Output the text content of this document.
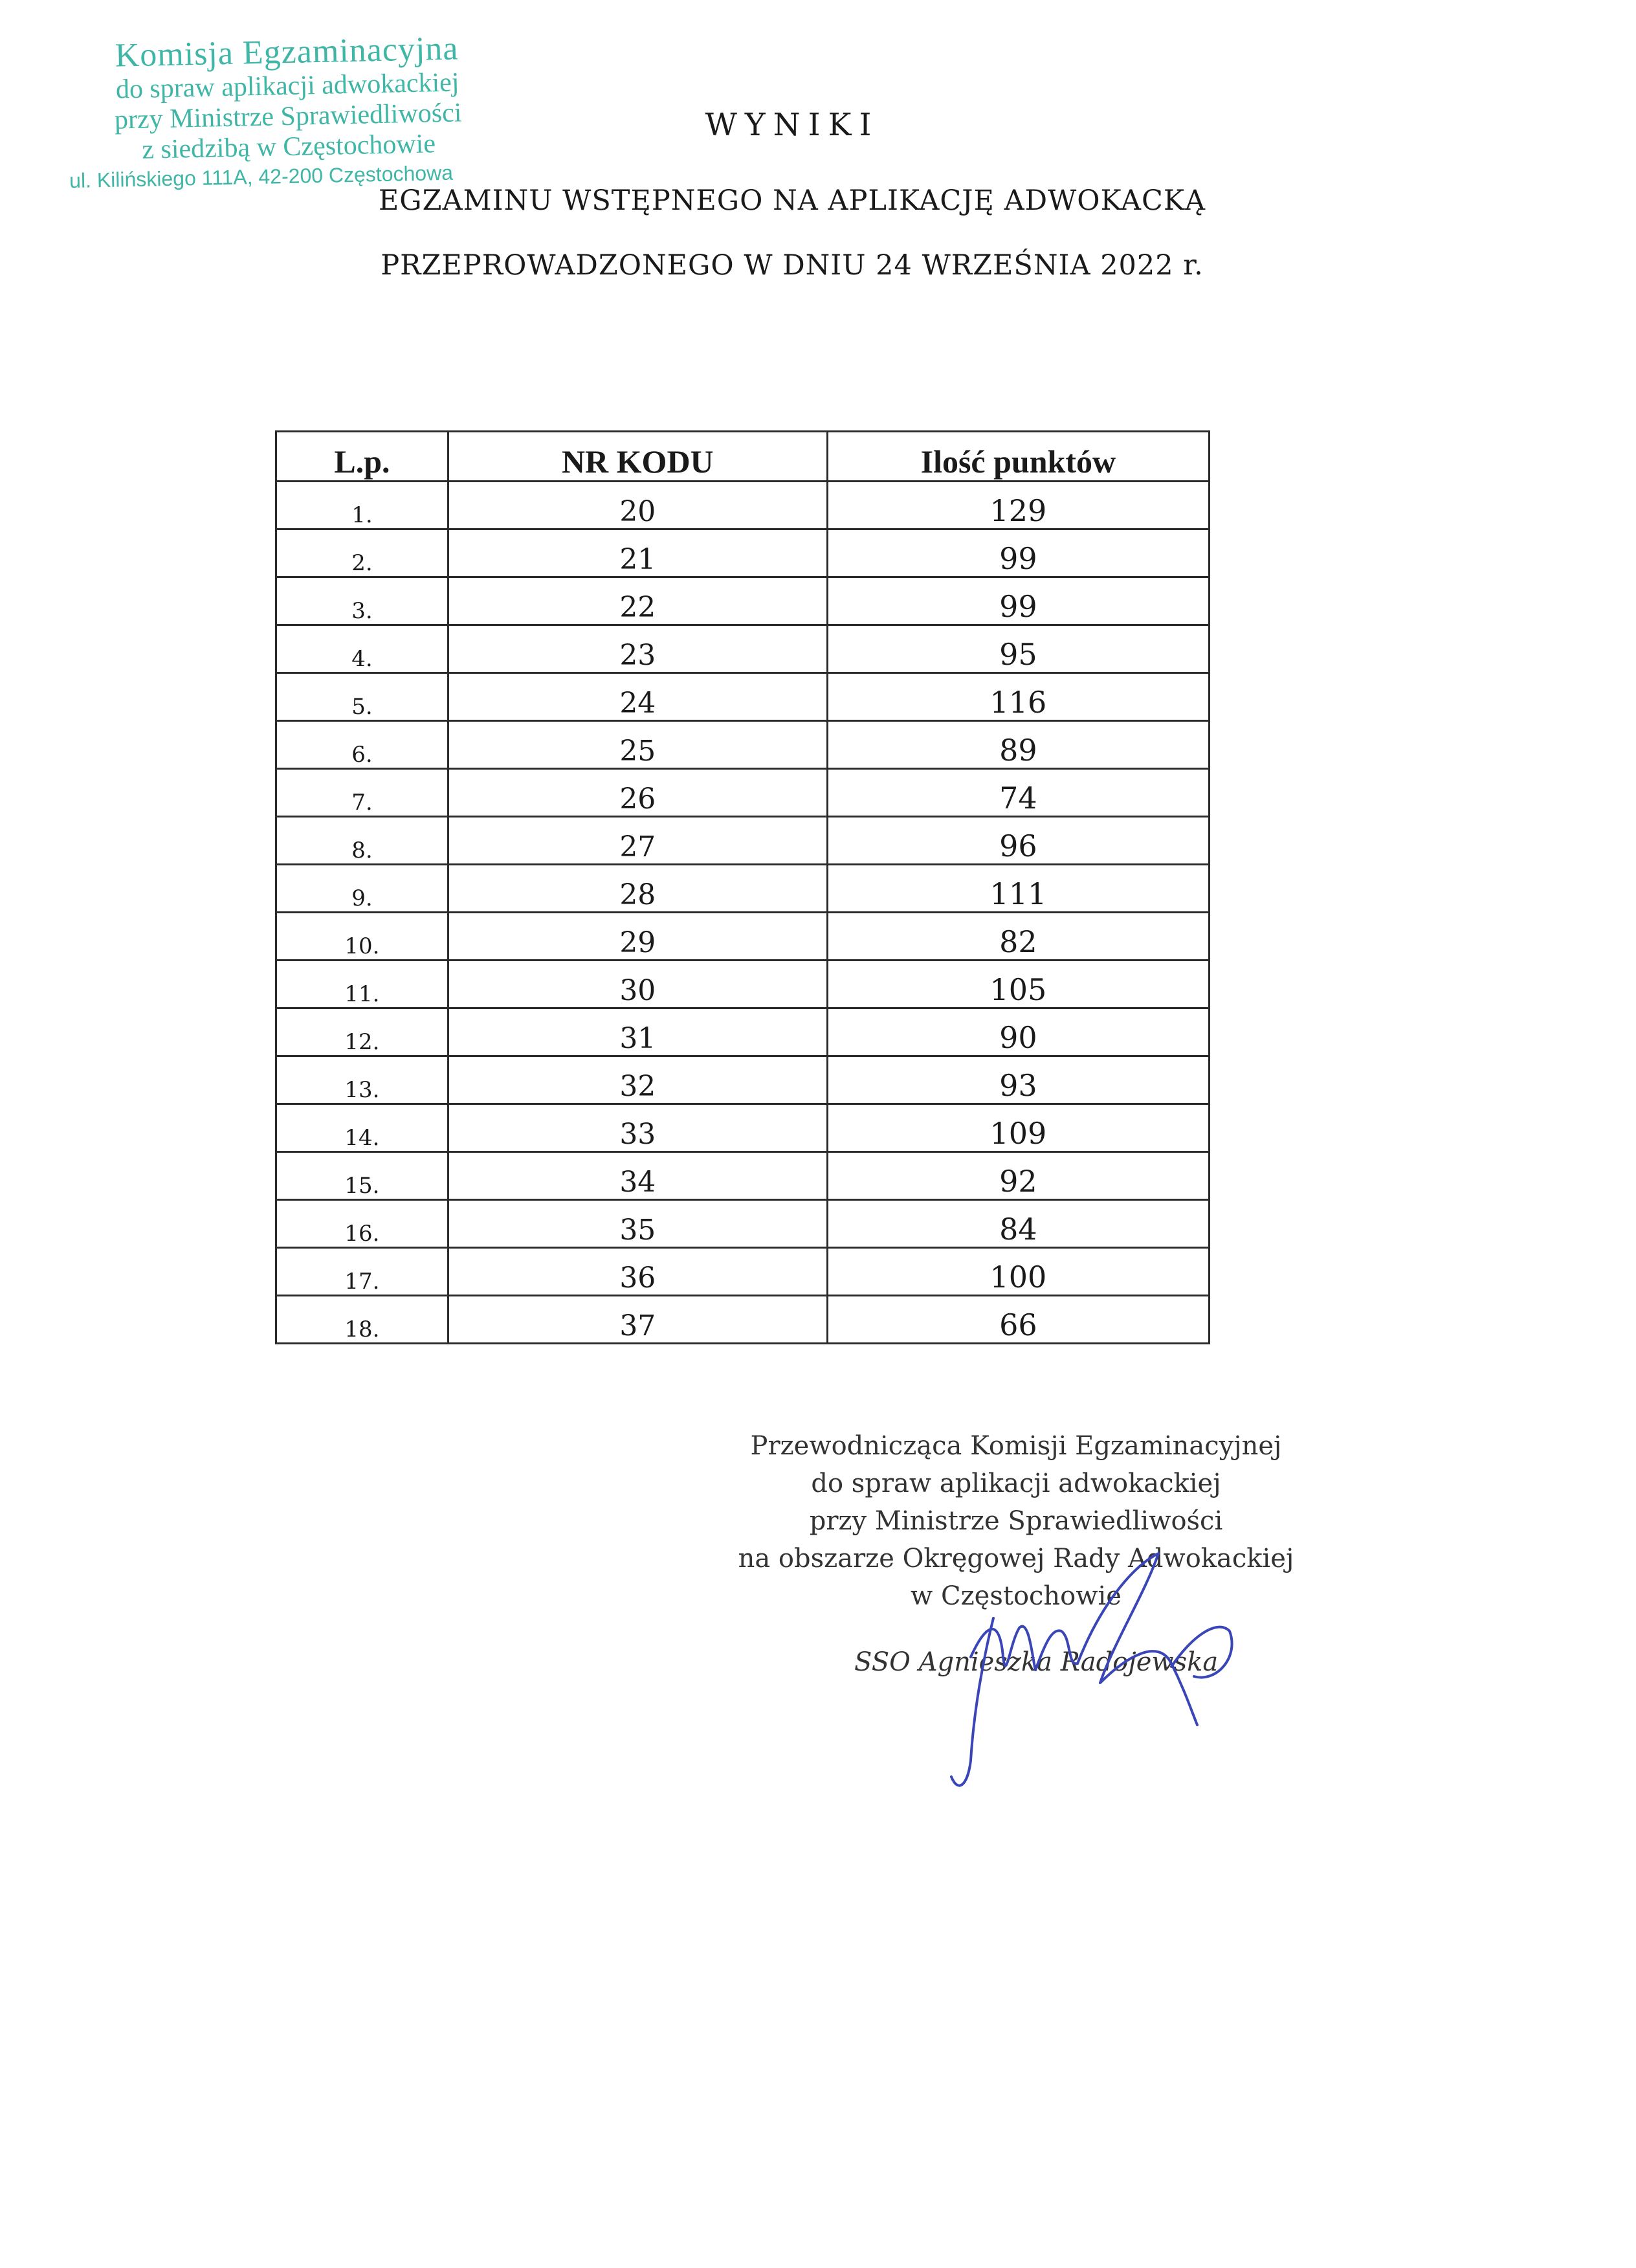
Komisja Egzaminacyjna
do spraw aplikacji adwokackiej
przy Ministrze Sprawiedliwości
z siedzibą w Częstochowie
ul. Kilińskiego 111A, 42-200 Częstochowa
WYNIKI
EGZAMINU WSTĘPNEGO NA APLIKACJĘ ADWOKACKĄ
PRZEPROWADZONEGO W DNIU 24 WRZEŚNIA 2022 r.
L.p.	NR KODU	Ilość punktów
1.	20	129
2.	21	99
3.	22	99
4.	23	95
5.	24	116
6.	25	89
7.	26	74
8.	27	96
9.	28	111
10.	29	82
11.	30	105
12.	31	90
13.	32	93
14.	33	109
15.	34	92
16.	35	84
17.	36	100
18.	37	66
Przewodnicząca Komisji Egzaminacyjnej
do spraw aplikacji adwokackiej
przy Ministrze Sprawiedliwości
na obszarze Okręgowej Rady Adwokackiej
w Częstochowie
SSO Agnieszka Radojewska
